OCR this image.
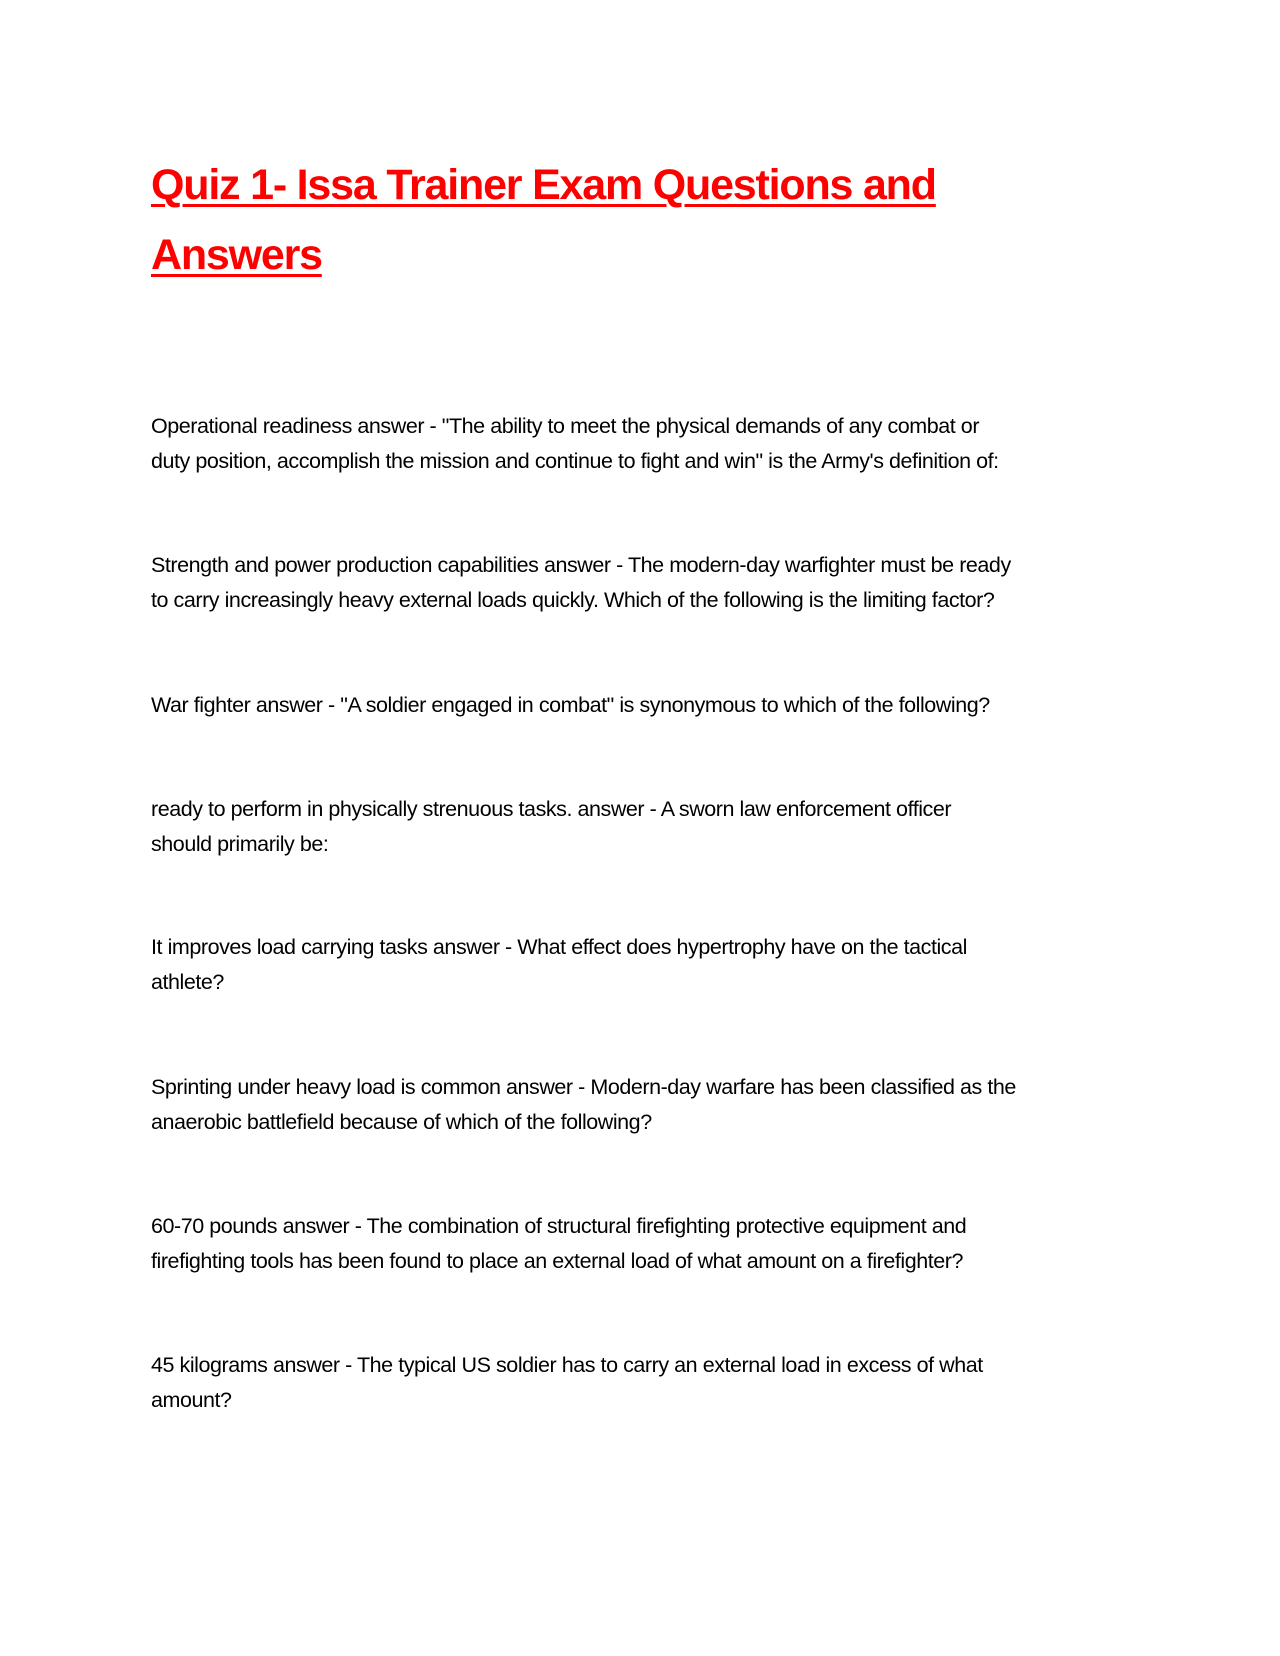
Quiz 1- Issa Trainer Exam Questions and
Answers

Operational readiness answer - "The ability to meet the physical demands of any combat or
duty position, accomplish the mission and continue to fight and win" is the Army's definition of:

Strength and power production capabilities answer - The modern-day warfighter must be ready
to carry increasingly heavy external loads quickly. Which of the following is the limiting factor?

War fighter answer - "A soldier engaged in combat" is synonymous to which of the following?

ready to perform in physically strenuous tasks. answer - A sworn law enforcement officer
should primarily be:

It improves load carrying tasks answer - What effect does hypertrophy have on the tactical
athlete?

Sprinting under heavy load is common answer - Modern-day warfare has been classified as the
anaerobic battlefield because of which of the following?

60-70 pounds answer - The combination of structural firefighting protective equipment and
firefighting tools has been found to place an external load of what amount on a firefighter?

45 kilograms answer - The typical US soldier has to carry an external load in excess of what
amount?
